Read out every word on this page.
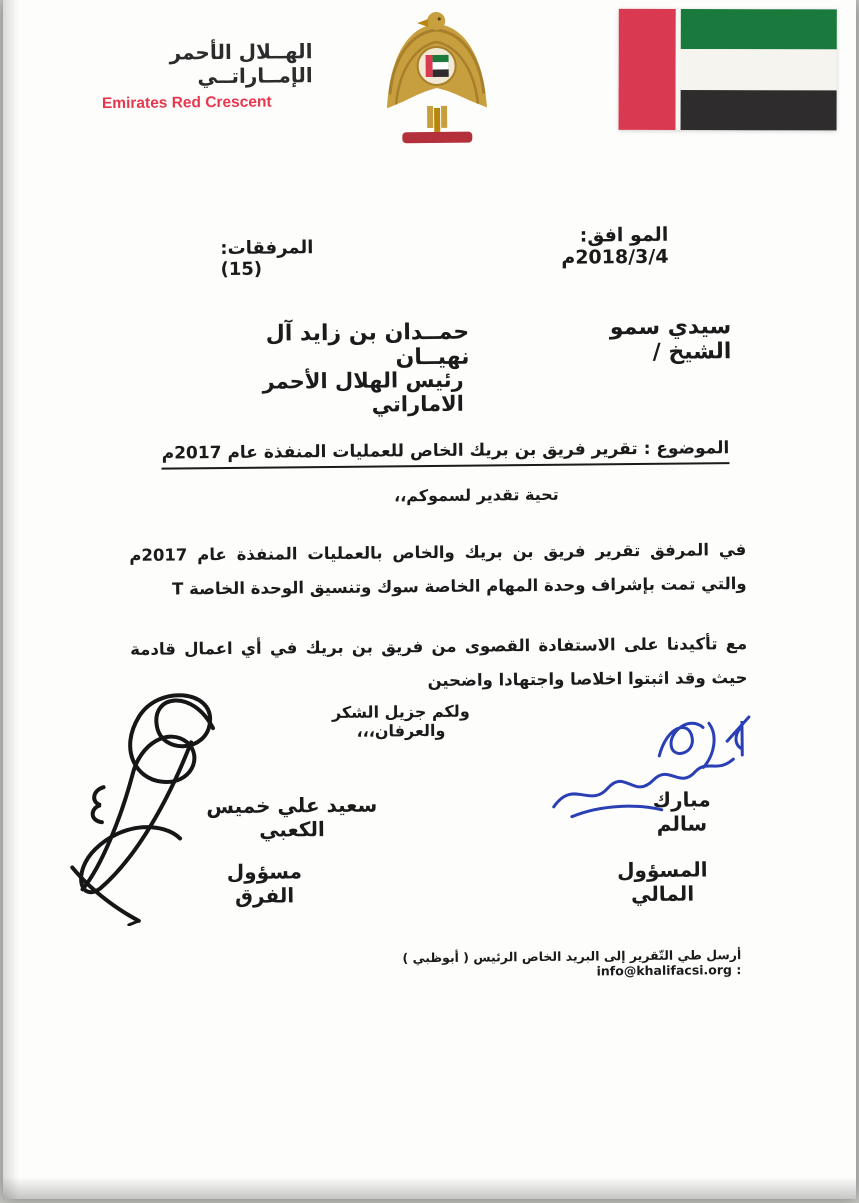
الهــلال الأحمر الإمــاراتــي
Emirates Red Crescent
المو افق: 2018/3/4م
المرفقات: (15)
سيدي سمو الشيخ /
حمــدان بن زايد آل نهيــان
رئيس الهلال الأحمر الاماراتي
الموضوع : تقرير فريق بن بريك الخاص للعمليات المنفذة عام 2017م
تحية تقدير لسموكم،،
في المرفق تقرير فريق بن بريك والخاص بالعمليات المنفذة عام 2017م والتي تمت بإشراف وحدة المهام الخاصة سوك وتنسيق الوحدة الخاصة T
مع تأكيدنا على الاستفادة القصوى من فريق بن بريك في أي اعمال قادمة حيث وقد اثبتوا اخلاصا واجتهادا واضحين
ولكم جزيل الشكر والعرفان،،،
سعيد علي خميس الكعبي
مسؤول الفرق
مبارك سالم
المسؤول المالي
أرسل طي التّقرير إلى البريد الخاص الرئيس ( أبوظبي ) : info@khalifacsi.org
